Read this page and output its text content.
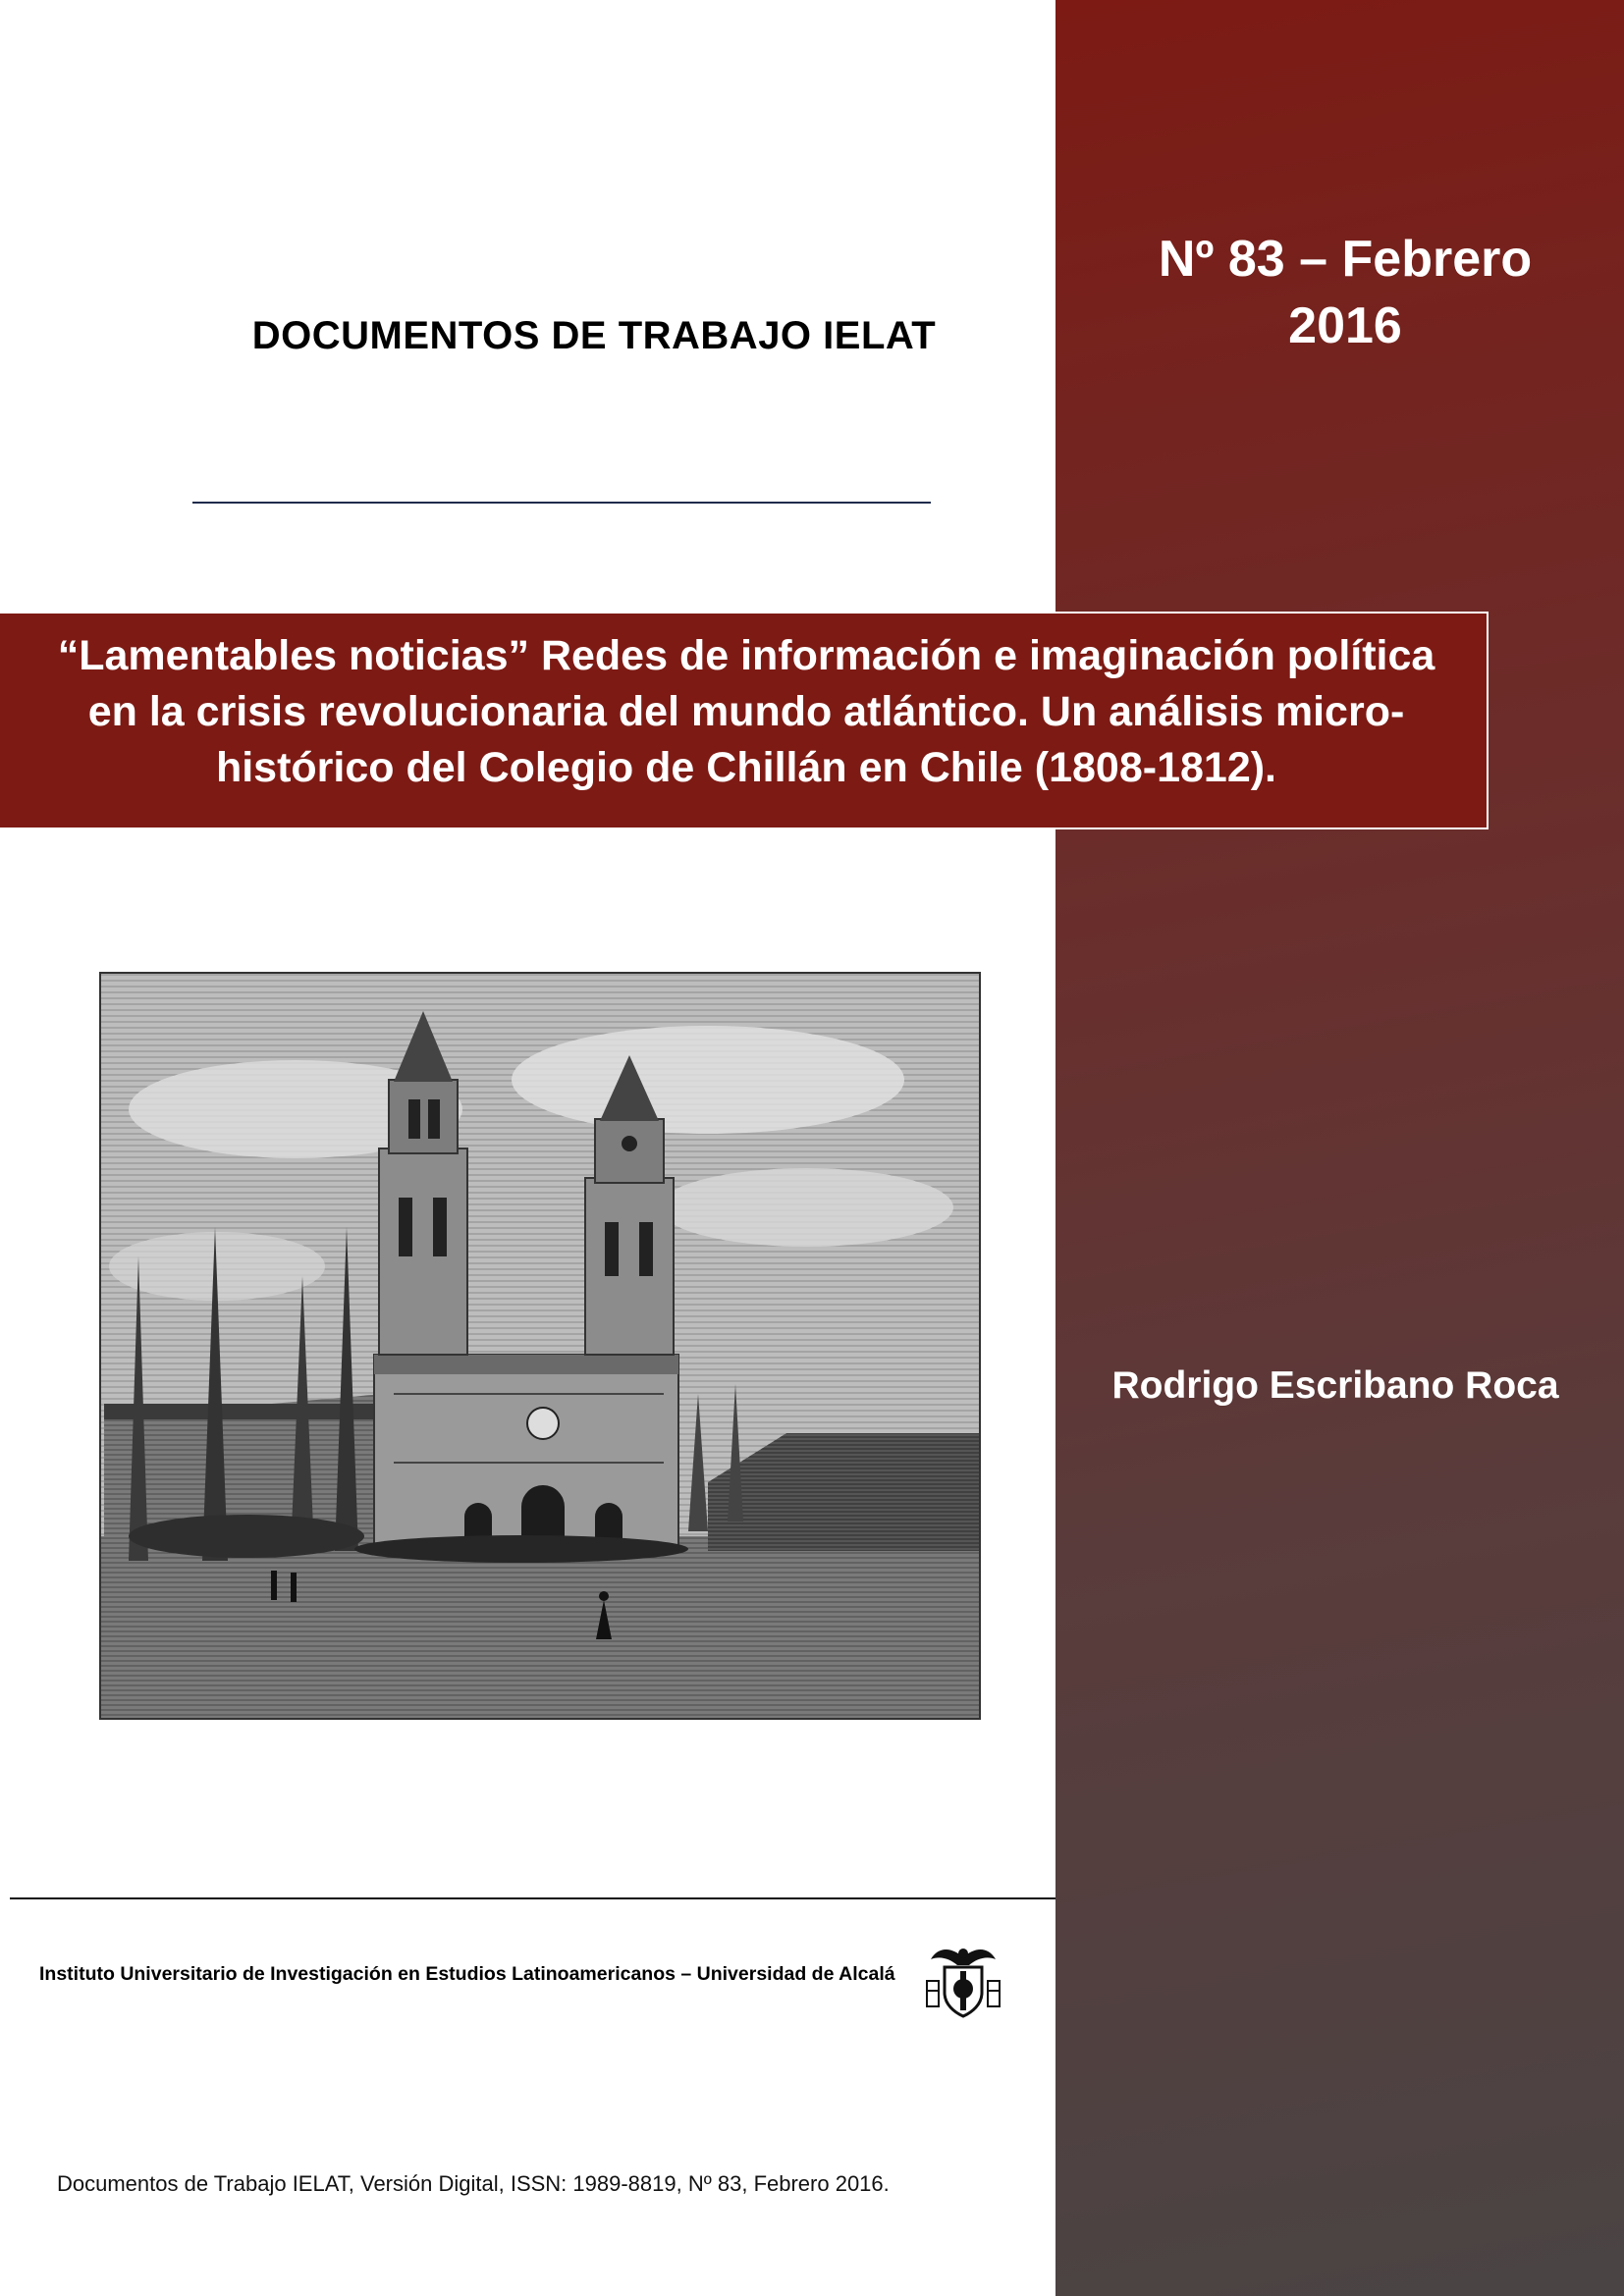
Nº 83 – Febrero
2016
DOCUMENTOS DE TRABAJO IELAT
“Lamentables noticias” Redes de información e imaginación política
en la crisis revolucionaria del mundo atlántico. Un análisis micro-
histórico del Colegio de Chillán en Chile (1808-1812).
Rodrigo Escribano Roca
Instituto Universitario de Investigación en Estudios Latinoamericanos – Universidad de Alcalá
Documentos de Trabajo IELAT, Versión Digital, ISSN: 1989-8819, Nº 83, Febrero 2016.
